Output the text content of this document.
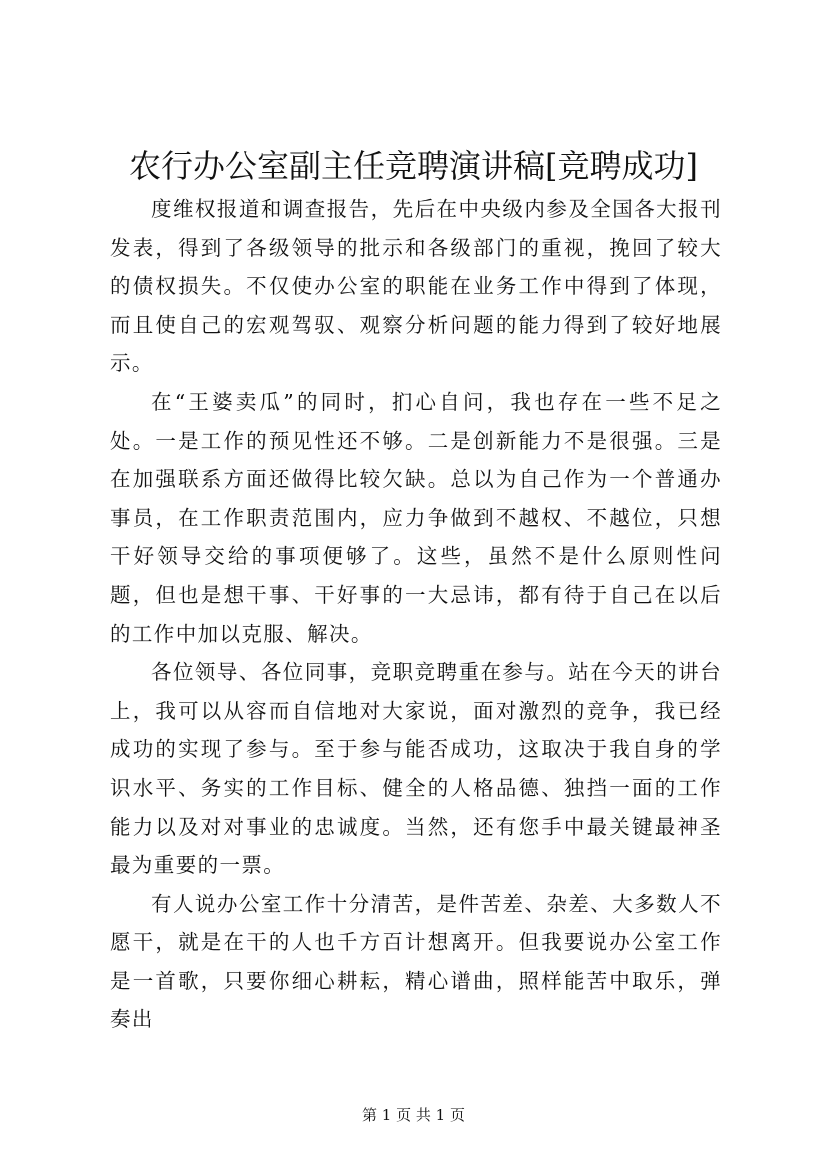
农行办公室副主任竞聘演讲稿[竞聘成功]

度维权报道和调查报告，先后在中央级内参及全国各大报刊发表，得到了各级领导的批示和各级部门的重视，挽回了较大的债权损失。不仅使办公室的职能在业务工作中得到了体现，而且使自己的宏观驾驭、观察分析问题的能力得到了较好地展示。

在“王婆卖瓜”的同时，扪心自问，我也存在一些不足之处。一是工作的预见性还不够。二是创新能力不是很强。三是在加强联系方面还做得比较欠缺。总以为自己作为一个普通办事员，在工作职责范围内，应力争做到不越权、不越位，只想干好领导交给的事项便够了。这些，虽然不是什么原则性问题，但也是想干事、干好事的一大忌讳，都有待于自己在以后的工作中加以克服、解决。

各位领导、各位同事，竞职竞聘重在参与。站在今天的讲台上，我可以从容而自信地对大家说，面对激烈的竞争，我已经成功的实现了参与。至于参与能否成功，这取决于我自身的学识水平、务实的工作目标、健全的人格品德、独挡一面的工作能力以及对对事业的忠诚度。当然，还有您手中最关键最神圣最为重要的一票。

有人说办公室工作十分清苦，是件苦差、杂差、大多数人不愿干，就是在干的人也千方百计想离开。但我要说办公室工作是一首歌，只要你细心耕耘，精心谱曲，照样能苦中取乐，弹奏出

第 1 页 共 1 页
